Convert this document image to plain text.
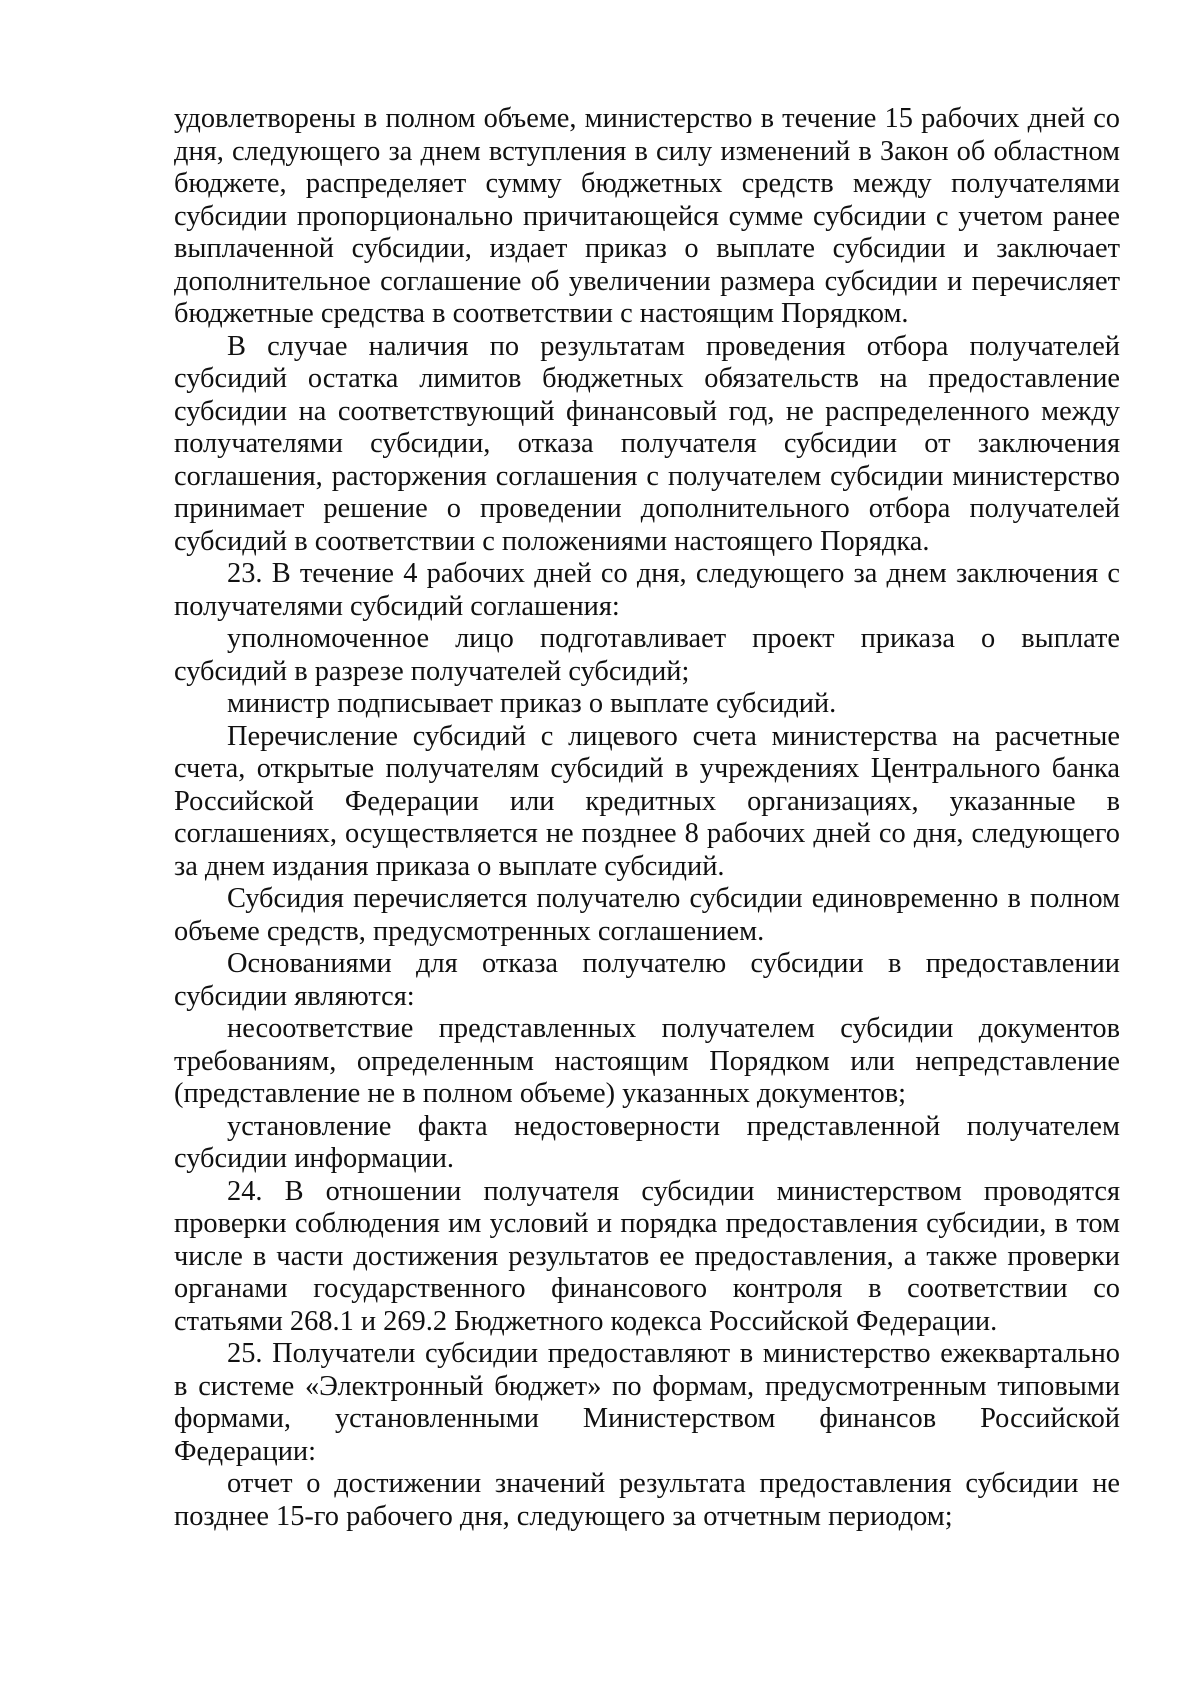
удовлетворены в полном объеме, министерство в течение 15 рабочих дней со дня, следующего за днем вступления в силу изменений в Закон об областном бюджете, распределяет сумму бюджетных средств между получателями субсидии пропорционально причитающейся сумме субсидии с учетом ранее выплаченной субсидии, издает приказ о выплате субсидии и заключает дополнительное соглашение об увеличении размера субсидии и перечисляет бюджетные средства в соответствии с настоящим Порядком.

В случае наличия по результатам проведения отбора получателей субсидий остатка лимитов бюджетных обязательств на предоставление субсидии на соответствующий финансовый год, не распределенного между получателями субсидии, отказа получателя субсидии от заключения соглашения, расторжения соглашения с получателем субсидии министерство принимает решение о проведении дополнительного отбора получателей субсидий в соответствии с положениями настоящего Порядка.

23. В течение 4 рабочих дней со дня, следующего за днем заключения с получателями субсидий соглашения:

уполномоченное лицо подготавливает проект приказа о выплате субсидий в разрезе получателей субсидий;

министр подписывает приказ о выплате субсидий.

Перечисление субсидий с лицевого счета министерства на расчетные счета, открытые получателям субсидий в учреждениях Центрального банка Российской Федерации или кредитных организациях, указанные в соглашениях, осуществляется не позднее 8 рабочих дней со дня, следующего за днем издания приказа о выплате субсидий.

Субсидия перечисляется получателю субсидии единовременно в полном объеме средств, предусмотренных соглашением.

Основаниями для отказа получателю субсидии в предоставлении субсидии являются:

несоответствие представленных получателем субсидии документов требованиям, определенным настоящим Порядком или непредставление (представление не в полном объеме) указанных документов;

установление факта недостоверности представленной получателем субсидии информации.

24. В отношении получателя субсидии министерством проводятся проверки соблюдения им условий и порядка предоставления субсидии, в том числе в части достижения результатов ее предоставления, а также проверки органами государственного финансового контроля в соответствии со статьями 268.1 и 269.2 Бюджетного кодекса Российской Федерации.

25. Получатели субсидии предоставляют в министерство ежеквартально в системе «Электронный бюджет» по формам, предусмотренным типовыми формами, установленными Министерством финансов Российской Федерации:

отчет о достижении значений результата предоставления субсидии не позднее 15-го рабочего дня, следующего за отчетным периодом;
